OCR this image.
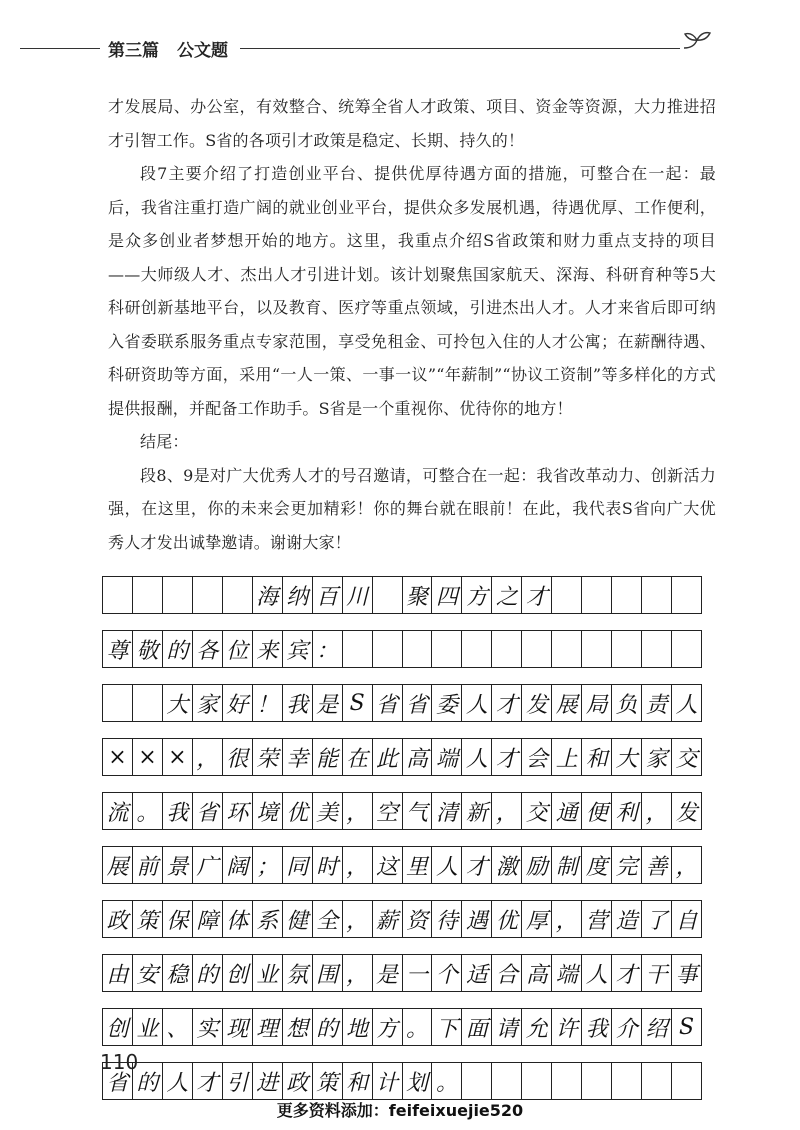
第三篇 公文题

才发展局、办公室，有效整合、统筹全省人才政策、项目、资金等资源，大力推进招才引智工作。S省的各项引才政策是稳定、长期、持久的！

段7主要介绍了打造创业平台、提供优厚待遇方面的措施，可整合在一起：最后，我省注重打造广阔的就业创业平台，提供众多发展机遇，待遇优厚、工作便利，是众多创业者梦想开始的地方。这里，我重点介绍S省政策和财力重点支持的项目——大师级人才、杰出人才引进计划。该计划聚焦国家航天、深海、科研育种等5大科研创新基地平台，以及教育、医疗等重点领域，引进杰出人才。人才来省后即可纳入省委联系服务重点专家范围，享受免租金、可拎包入住的人才公寓；在薪酬待遇、科研资助等方面，采用“一人一策、一事一议”“年薪制”“协议工资制”等多样化的方式提供报酬，并配备工作助手。S省是一个重视你、优待你的地方！

结尾：

段8、9是对广大优秀人才的号召邀请，可整合在一起：我省改革动力、创新活力强，在这里，你的未来会更加精彩！你的舞台就在眼前！在此，我代表S省向广大优秀人才发出诚挚邀请。谢谢大家！

海 纳 百 川 聚 四 方 之 才
尊 敬 的 各 位 来 宾 ：
大 家 好 ！ 我 是 S 省 省 委 人 才 发 展 局 负 责 人
× × × ， 很 荣 幸 能 在 此 高 端 人 才 会 上 和 大 家 交
流 。 我 省 环 境 优 美 ， 空 气 清 新 ， 交 通 便 利 ， 发
展 前 景 广 阔 ； 同 时 ， 这 里 人 才 激 励 制 度 完 善 ，
政 策 保 障 体 系 健 全 ， 薪 资 待 遇 优 厚 ， 营 造 了 自
由 安 稳 的 创 业 氛 围 ， 是 一 个 适 合 高 端 人 才 干 事
创 业 、 实 现 理 想 的 地 方 。 下 面 请 允 许 我 介 绍 S
省 的 人 才 引 进 政 策 和 计 划 。
110
更多资料添加：feifeixuejie520
